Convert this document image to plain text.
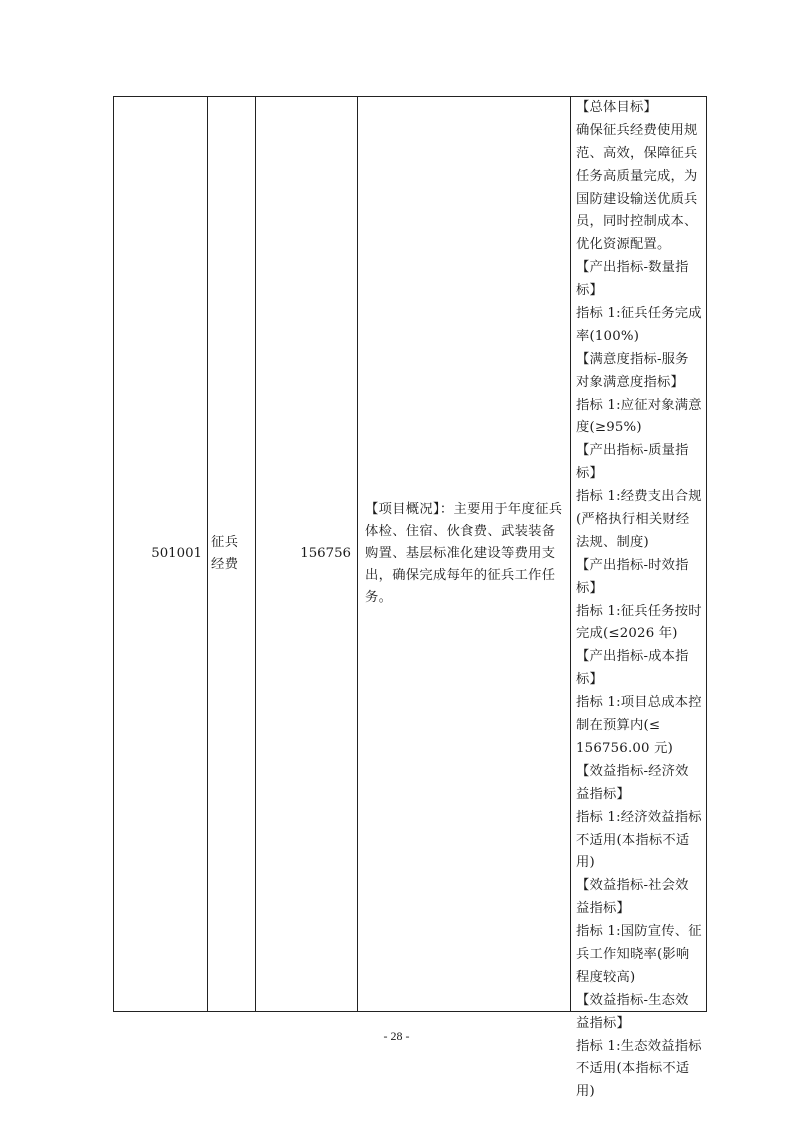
501001
征兵经费
156756
【项目概况】：主要用于年度征兵体检、住宿、伙食费、武装装备购置、基层标准化建设等费用支出，确保完成每年的征兵工作任务。
【总体目标】
确保征兵经费使用规
范、高效，保障征兵
任务高质量完成，为
国防建设输送优质兵
员，同时控制成本、
优化资源配置。
【产出指标-数量指
标】
指标 1:征兵任务完成
率(100%)
【满意度指标-服务
对象满意度指标】
指标 1:应征对象满意
度(≥95%)
【产出指标-质量指
标】
指标 1:经费支出合规
(严格执行相关财经
法规、制度)
【产出指标-时效指
标】
指标 1:征兵任务按时
完成(≤2026 年)
【产出指标-成本指
标】
指标 1:项目总成本控
制在预算内(≤
156756.00 元)
【效益指标-经济效
益指标】
指标 1:经济效益指标
不适用(本指标不适
用)
【效益指标-社会效
益指标】
指标 1:国防宣传、征
兵工作知晓率(影响
程度较高)
【效益指标-生态效
益指标】
指标 1:生态效益指标
不适用(本指标不适
用)
- 28 -
